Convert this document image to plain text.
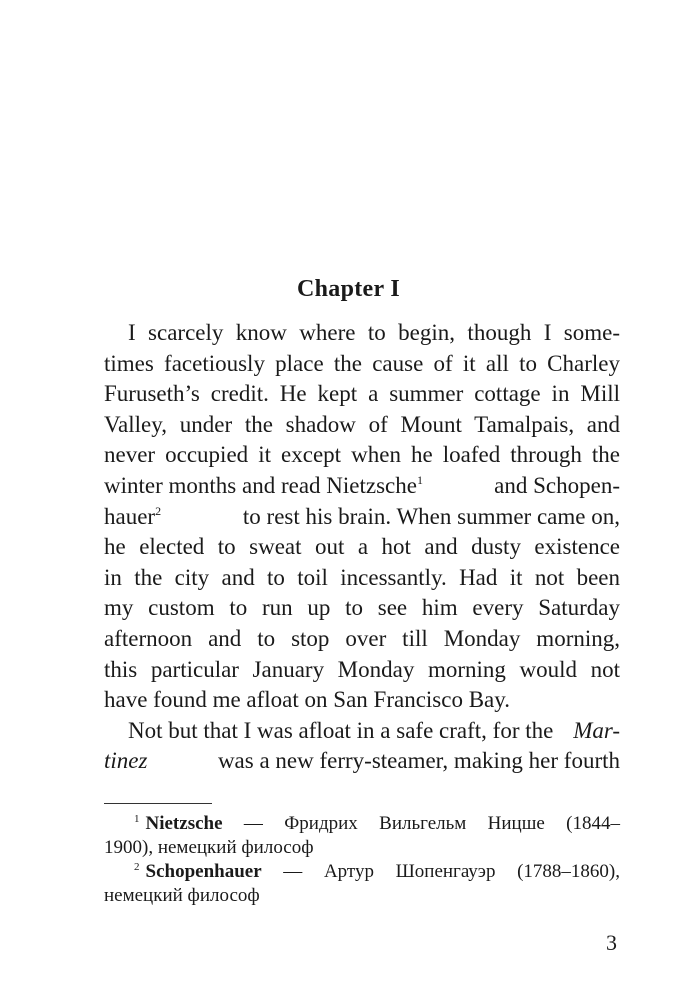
Chapter I
I scarcely know where to begin, though I some-
times facetiously place the cause of it all to Charley
Furuseth’s credit. He kept a summer cottage in Mill
Valley, under the shadow of Mount Tamalpais, and
never occupied it except when he loafed through the
winter months and read Nietzsche$^1$	and Schopen-
hauer$^2$	to rest his brain. When summer came on,
he elected to sweat out a hot and dusty existence
in the city and to toil incessantly. Had it not been
my custom to run up to see him every Saturday
afternoon and to stop over till Monday morning,
this particular January Monday morning would not
have found me afloat on San Francisco Bay.
Not but that I was afloat in a safe craft, for the Mar-
tinez	was a new ferry-steamer, making her fourth
$^1$ Nietzsche — Фридрих Вильгельм Ницше (1844–
1900), немецкий философ
$^2$ Schopenhauer — Артур Шопенгауэр (1788–1860),
немецкий философ
3
